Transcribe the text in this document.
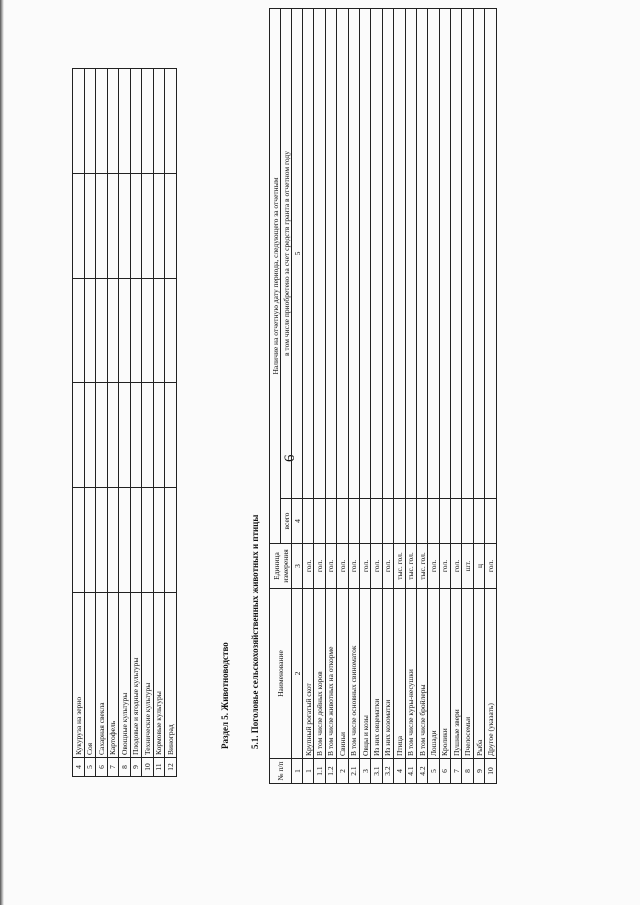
6
4	Кукуруза на зерно					
5	Соя					
6	Сахарная свекла					
7	Картофель					
8	Овощные культуры					
9	Плодовые и ягодные культуры					
10	Технические культуры					
11	Кормовые культуры					
12	Виноград						Раздел 5. Животноводство 5.1. Поголовье сельскохозяйственных животных и птицы
№ п/п	Наименование	Единица измерения	Наличие на отчетную дату периода, следующего за отчетным	
			всего	в том числе приобретено за счет средств гранта в отчетном году
1	2	3	4	5
1	Крупный рогатый скот	гол.		
1.1	В том числе дойных коров	гол.		
1.2	В том числе животных на откорме	гол.		
2	Свиньи	гол.		
2.1	В том числе основных свиноматок	гол.		
3	Овцы и козы	гол.		
3.1	Из них овцематки	гол.		
3.2	Из них козоматки	гол.		
4	Птица	тыс. гол.		
4.1	В том числе куры-несушки	тыс. гол.		
4.2	В том числе бройлеры	тыс. гол.		
5	Лошади	гол.		
6	Кролики	гол.		
7	Пушные звери	гол.		
8	Пчелосемьи	шт.		
9	Рыба	ц		
10	Другое (указать)	гол.		
